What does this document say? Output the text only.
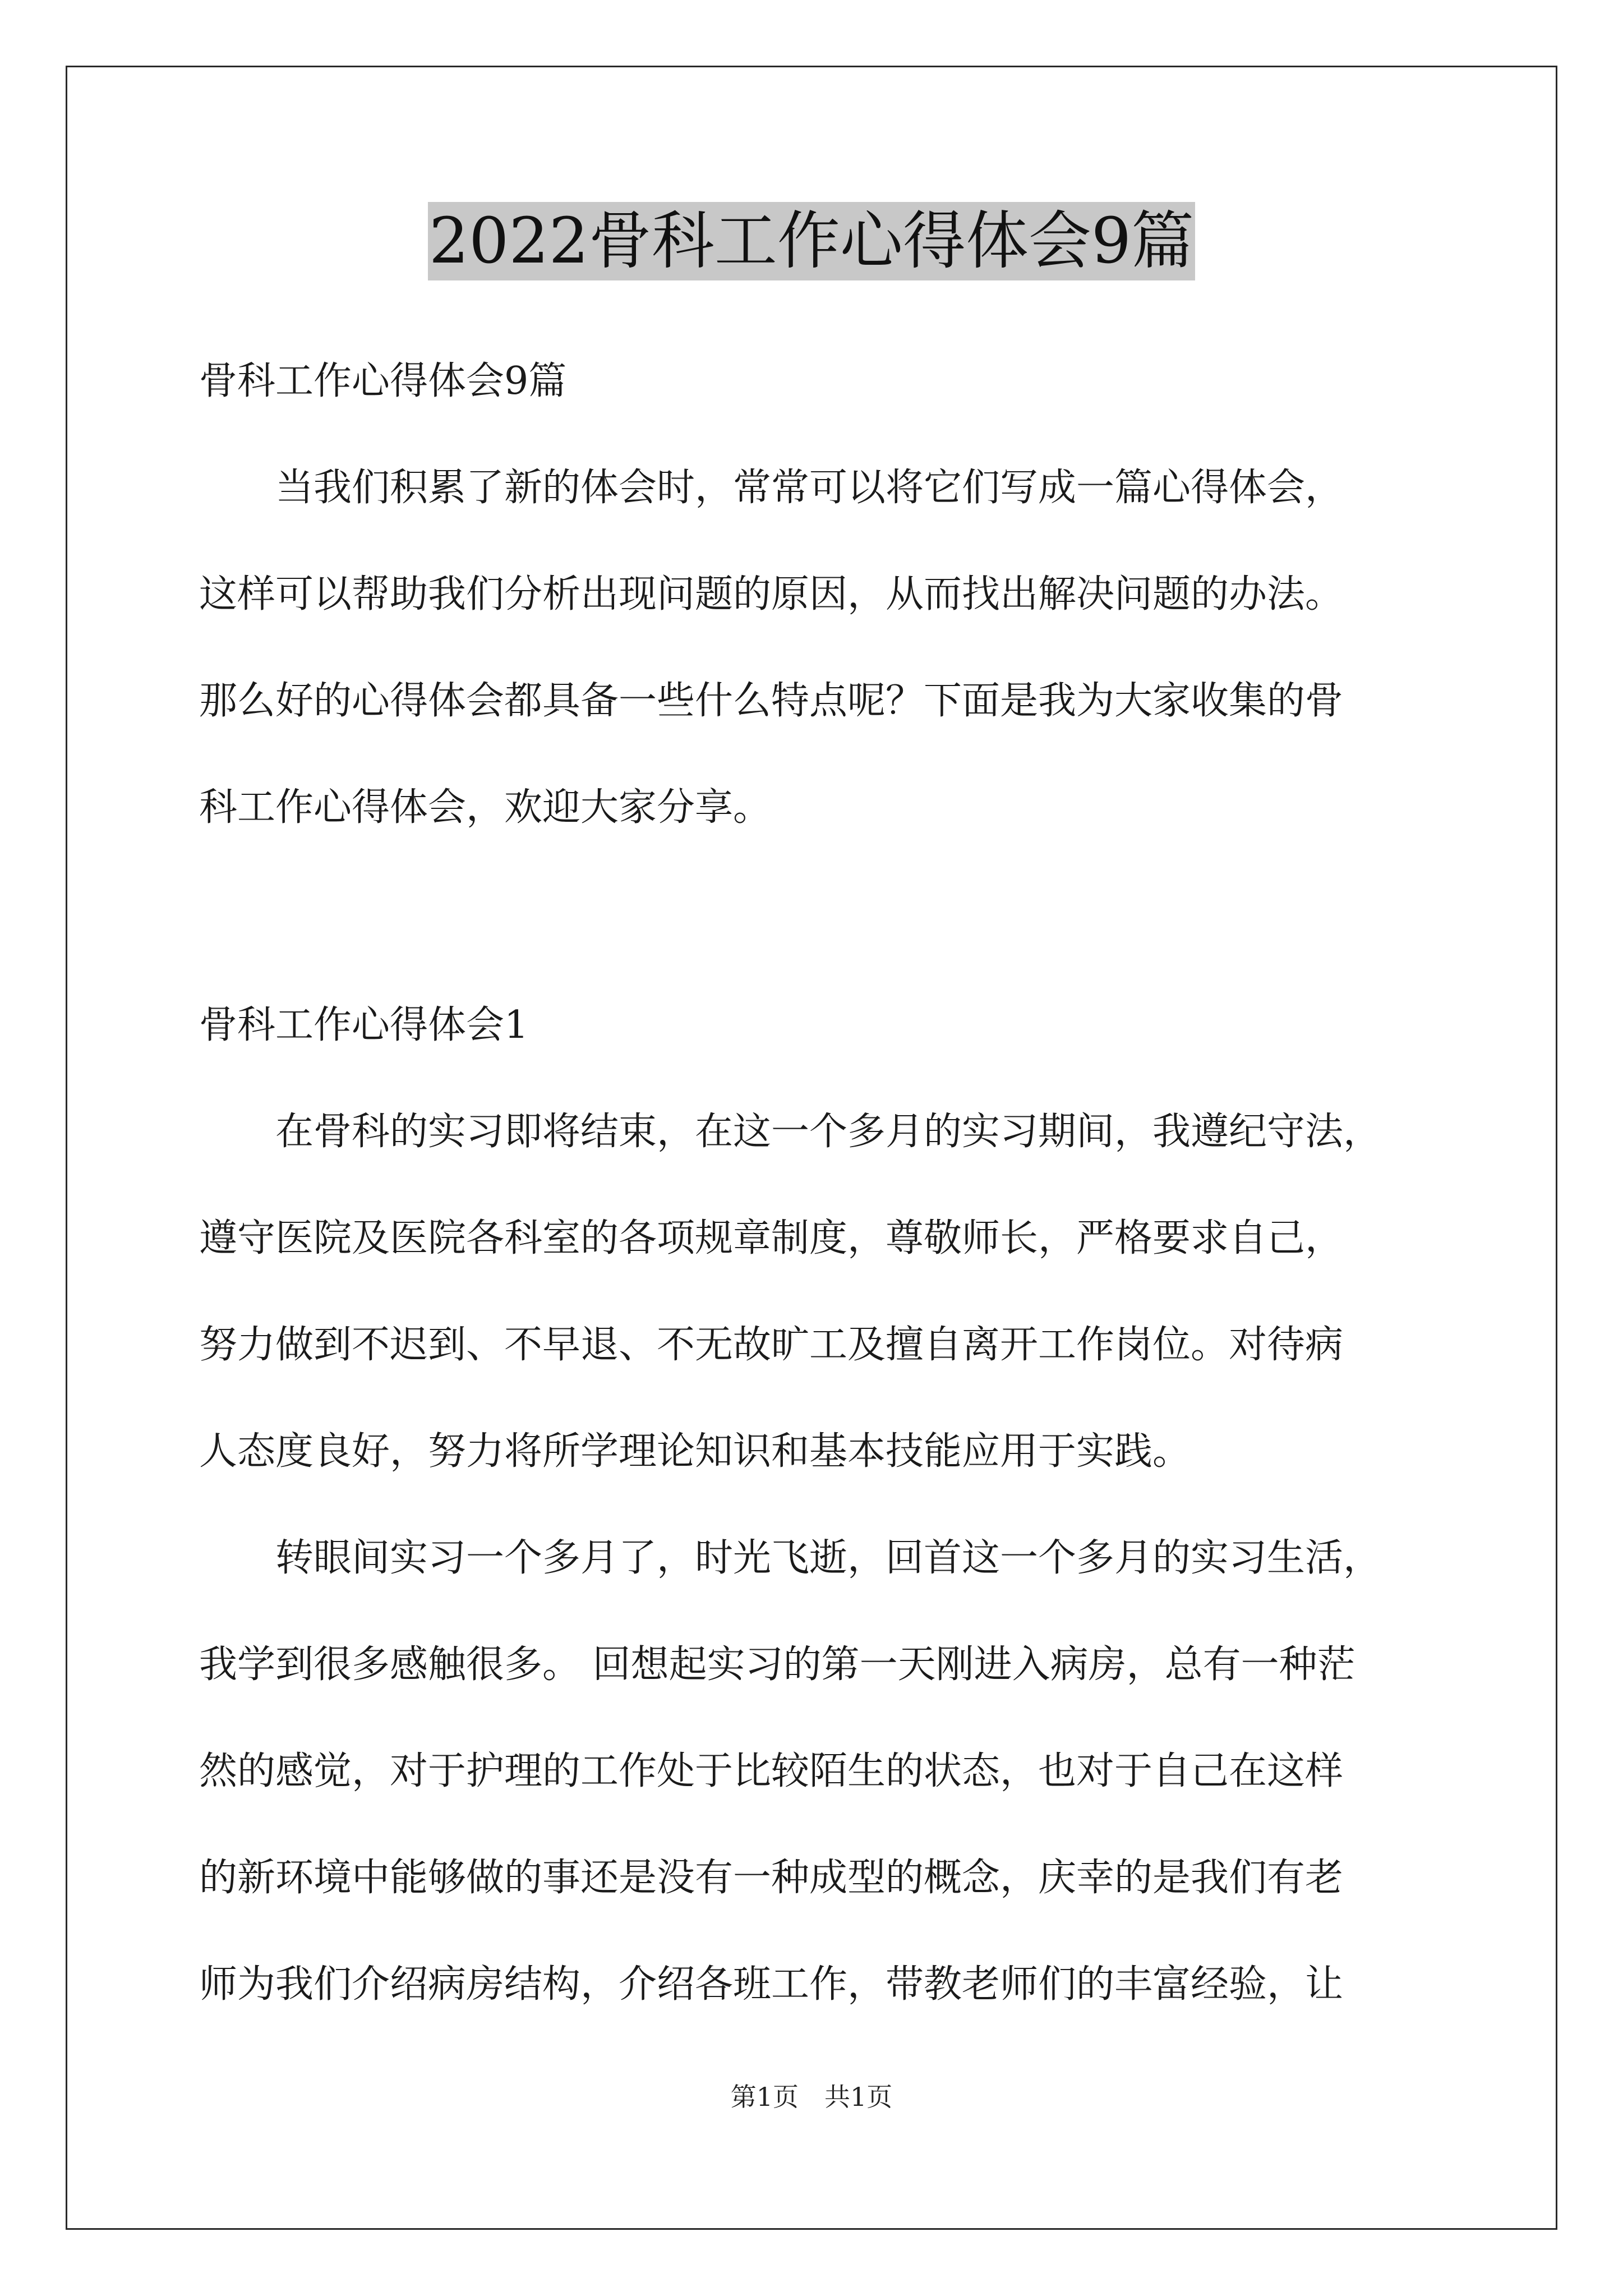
2022骨科工作心得体会9篇
骨科工作心得体会9篇
　　当我们积累了新的体会时，常常可以将它们写成一篇心得体会，
这样可以帮助我们分析出现问题的原因，从而找出解决问题的办法。
那么好的心得体会都具备一些什么特点呢？下面是我为大家收集的骨
科工作心得体会，欢迎大家分享。
骨科工作心得体会1
　　在骨科的实习即将结束，在这一个多月的实习期间，我遵纪守法，
遵守医院及医院各科室的各项规章制度，尊敬师长，严格要求自己，
努力做到不迟到、不早退、不无故旷工及擅自离开工作岗位。对待病
人态度良好，努力将所学理论知识和基本技能应用于实践。
　　转眼间实习一个多月了，时光飞逝，回首这一个多月的实习生活，
我学到很多感触很多。 回想起实习的第一天刚进入病房，总有一种茫
然的感觉，对于护理的工作处于比较陌生的状态，也对于自己在这样
的新环境中能够做的事还是没有一种成型的概念，庆幸的是我们有老
师为我们介绍病房结构，介绍各班工作，带教老师们的丰富经验，让
第1页　共1页
